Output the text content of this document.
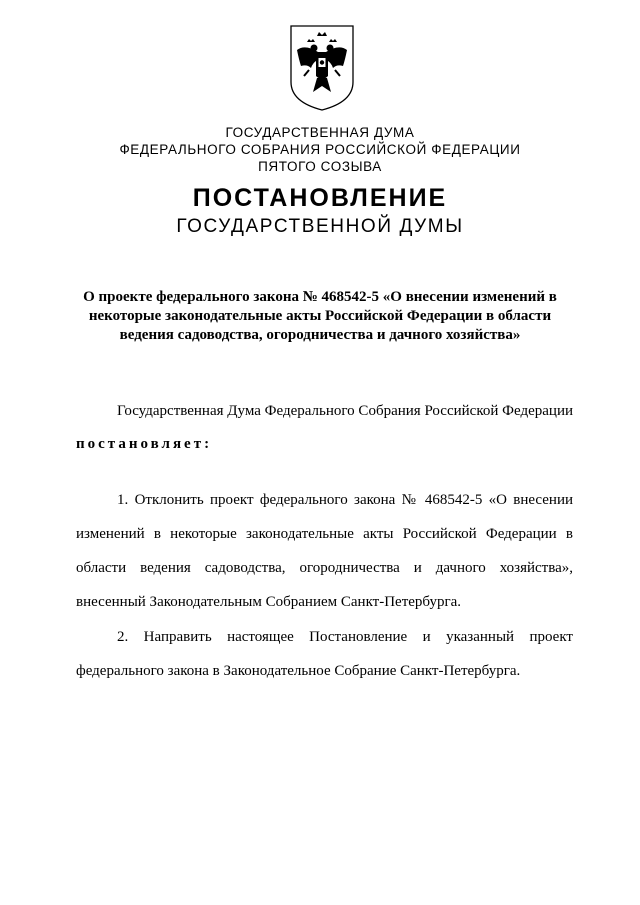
ГОСУДАРСТВЕННАЯ ДУМА
ФЕДЕРАЛЬНОГО СОБРАНИЯ РОССИЙСКОЙ ФЕДЕРАЦИИ
ПЯТОГО СОЗЫВА
ПОСТАНОВЛЕНИЕ
ГОСУДАРСТВЕННОЙ ДУМЫ
О проекте федерального закона № 468542-5 «О внесении изменений в некоторые законодательные акты Российской Федерации в области ведения садоводства, огородничества и дачного хозяйства»
Государственная Дума Федерального Собрания Российской Федерации постановляет:
1. Отклонить проект федерального закона № 468542-5 «О внесении изменений в некоторые законодательные акты Российской Федерации в области ведения садоводства, огородничества и дачного хозяйства», внесенный Законодательным Собранием Санкт-Петербурга.
2. Направить настоящее Постановление и указанный проект федерального закона в Законодательное Собрание Санкт-Петербурга.
